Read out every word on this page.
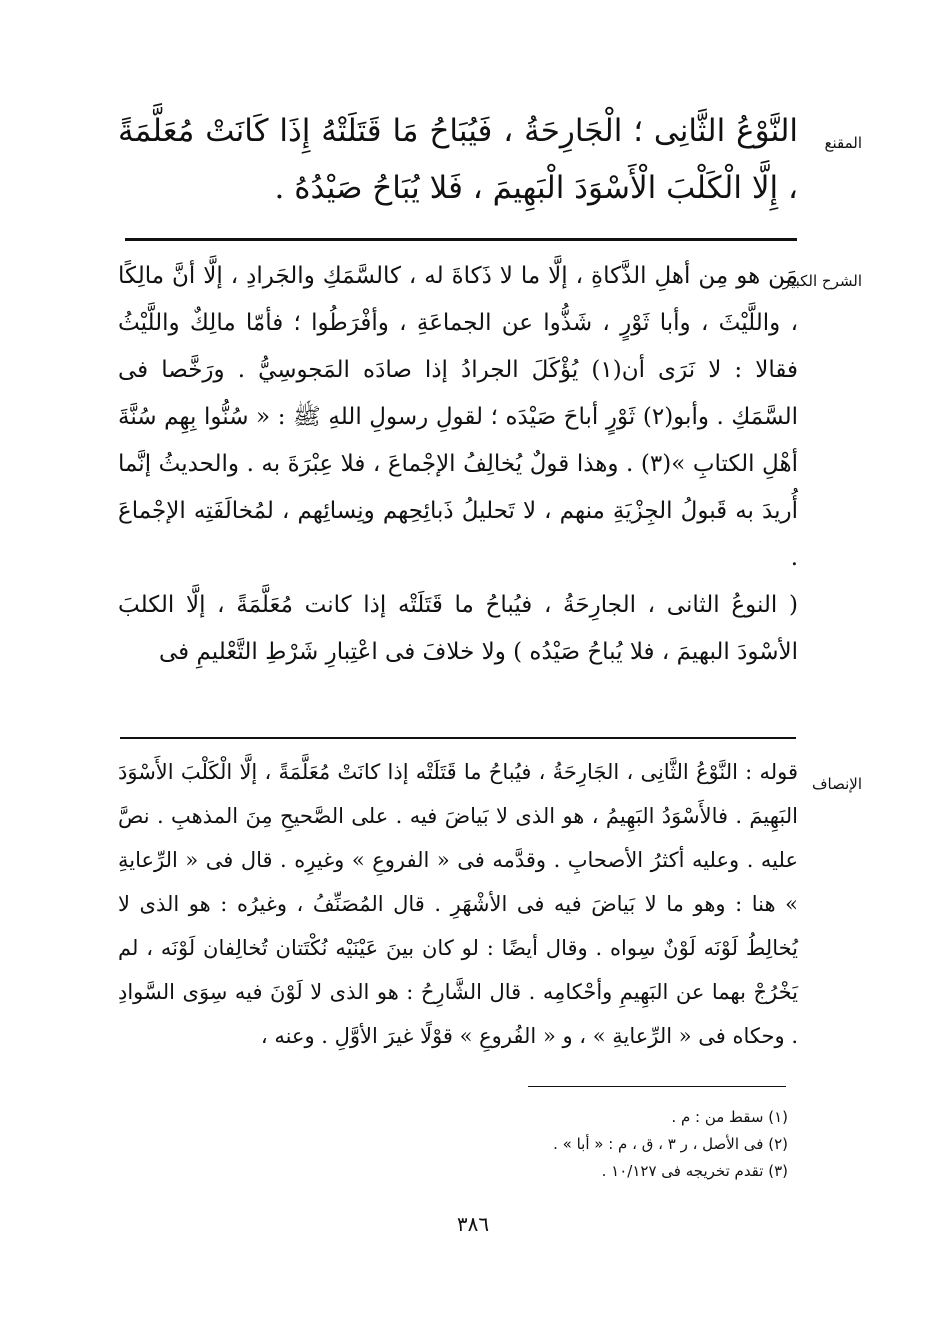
المقنع
النَّوْعُ الثَّانِى ؛ الْجَارِحَةُ ، فَيُبَاحُ مَا قَتَلَتْهُ إِذَا كَانَتْ مُعَلَّمَةً ، إِلَّا الْكَلْبَ الْأَسْوَدَ الْبَهِيمَ ، فَلا يُبَاحُ صَيْدُهُ .
الشرح الكبير

مَن هو مِن أهلِ الذَّكاةِ ، إلَّا ما لا ذَكاةَ له ، كالسَّمَكِ والجَرادِ ، إلَّا أنَّ مالِكًا ، واللَّيْثَ ، وأبا ثَوْرٍ ، شَذُّوا عن الجماعَةِ ، وأفْرَطُوا ؛ فأمّا مالِكٌ واللَّيْثُ فقالا : لا نَرَى أن(١) يُؤْكَلَ الجرادُ إذا صادَه المَجوسِيُّ . ورَخَّصا فى السَّمَكِ . وأبو(٢) ثَوْرٍ أباحَ صَيْدَه ؛ لقولِ رسولِ اللهِ ﷺ : « سُنُّوا بِهِم سُنَّةَ أهْلِ الكتابِ »(٣) . وهذا قولٌ يُخالِفُ الإجْماعَ ، فلا عِبْرَةَ به . والحديثُ إنَّما أُريدَ به قَبولُ الجِزْيَةِ منهم ، لا تَحليلُ ذَبائِحِهم ونِسائِهم ، لمُخالَفَتِه الإجْماعَ .

( النوعُ الثانى ، الجارِحَةُ ، فيُباحُ ما قَتَلَتْه إذا كانت مُعَلَّمَةً ، إلَّا الكلبَ الأسْودَ البهيمَ ، فلا يُباحُ صَيْدُه ) ولا خلافَ فى اعْتِبارِ شَرْطِ التَّعْليمِ فى

الإنصاف
قوله : النَّوْعُ الثَّانِى ، الجَارِحَةُ ، فيُباحُ ما قَتَلَتْه إذا كانَتْ مُعَلَّمَةً ، إلَّا الْكَلْبَ الأَسْوَدَ البَهِيمَ . فالأَسْوَدُ البَهِيمُ ، هو الذى لا بَياضَ فيه . على الصَّحيحِ مِنَ المذهبِ . نصَّ عليه . وعليه أكثرُ الأصحابِ . وقدَّمه فى « الفروعِ » وغيرِه . قال فى « الرِّعايةِ » هنا : وهو ما لا بَياضَ فيه فى الأشْهَرِ . قال المُصَنِّفُ ، وغيرُه : هو الذى لا يُخالِطُ لَوْنَه لَوْنٌ سِواه . وقال أيضًا : لو كان بينَ عَيْنَيْه نُكْتَتان تُخالِفان لَوْنَه ، لم يَخْرُجْ بهما عن البَهِيمِ وأحْكامِه . قال الشَّارِحُ : هو الذى لا لَوْنَ فيه سِوَى السَّوادِ . وحكاه فى « الرِّعايةِ » ، و « الفُروعِ » قوْلًا غيرَ الأوَّلِ . وعنه ،
(١) سقط من : م .
(٢) فى الأصل ، ر ٣ ، ق ، م : « أبا » .
(٣) تقدم تخريجه فى ١٠/١٢٧ .
٣٨٦
